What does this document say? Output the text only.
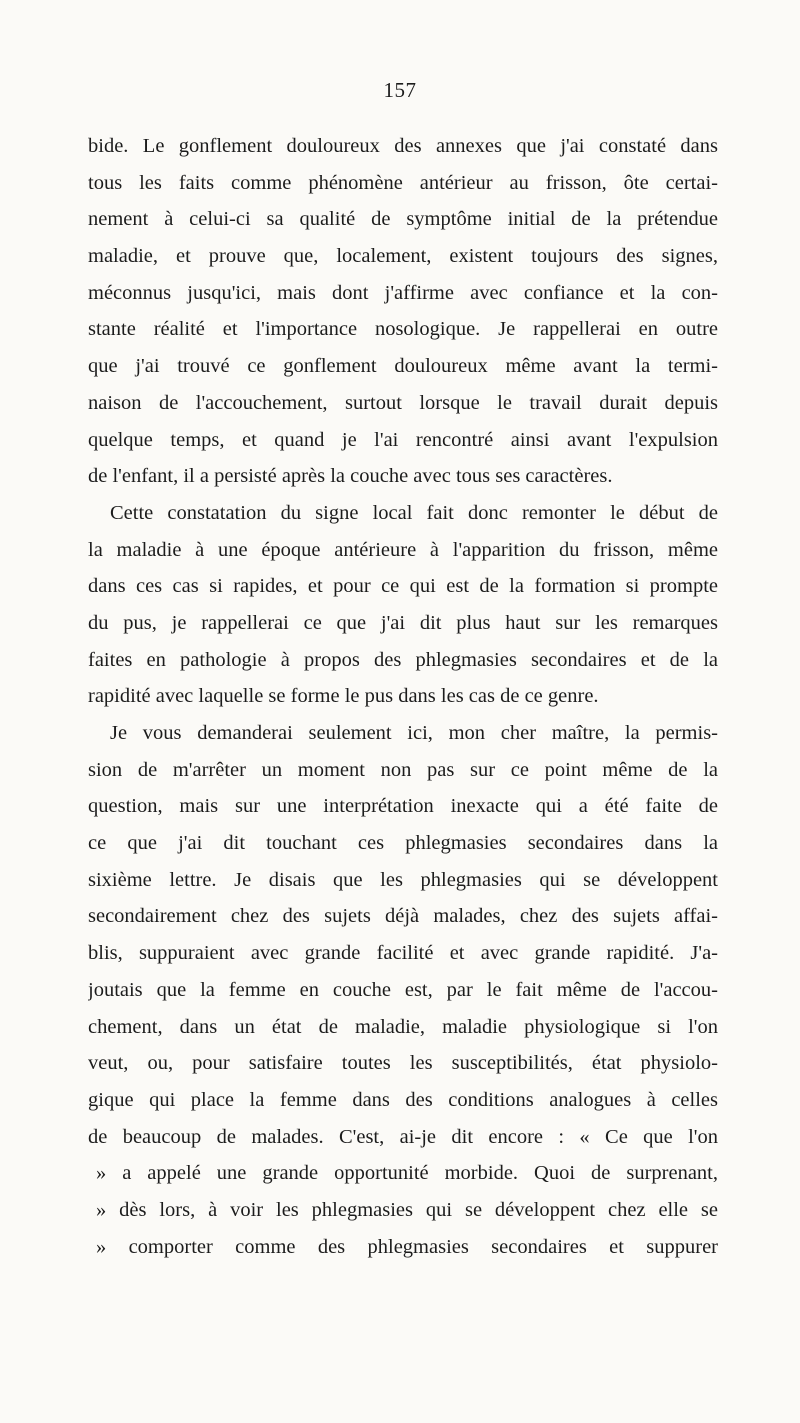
157
bide. Le gonflement douloureux des annexes que j'ai constaté dans
tous les faits comme phénomène antérieur au frisson, ôte certai-
nement à celui-ci sa qualité de symptôme initial de la prétendue
maladie, et prouve que, localement, existent toujours des signes,
méconnus jusqu'ici, mais dont j'affirme avec confiance et la con-
stante réalité et l'importance nosologique. Je rappellerai en outre
que j'ai trouvé ce gonflement douloureux même avant la termi-
naison de l'accouchement, surtout lorsque le travail durait depuis
quelque temps, et quand je l'ai rencontré ainsi avant l'expulsion
de l'enfant, il a persisté après la couche avec tous ses caractères.
Cette constatation du signe local fait donc remonter le début de
la maladie à une époque antérieure à l'apparition du frisson, même
dans ces cas si rapides, et pour ce qui est de la formation si prompte
du pus, je rappellerai ce que j'ai dit plus haut sur les remarques
faites en pathologie à propos des phlegmasies secondaires et de la
rapidité avec laquelle se forme le pus dans les cas de ce genre.
Je vous demanderai seulement ici, mon cher maître, la permis-
sion de m'arrêter un moment non pas sur ce point même de la
question, mais sur une interprétation inexacte qui a été faite de
ce que j'ai dit touchant ces phlegmasies secondaires dans la
sixième lettre. Je disais que les phlegmasies qui se développent
secondairement chez des sujets déjà malades, chez des sujets affai-
blis, suppuraient avec grande facilité et avec grande rapidité. J'a-
joutais que la femme en couche est, par le fait même de l'accou-
chement, dans un état de maladie, maladie physiologique si l'on
veut, ou, pour satisfaire toutes les susceptibilités, état physiolo-
gique qui place la femme dans des conditions analogues à celles
de beaucoup de malades. C'est, ai-je dit encore : « Ce que l'on
» a appelé une grande opportunité morbide. Quoi de surprenant,
» dès lors, à voir les phlegmasies qui se développent chez elle se
» comporter comme des phlegmasies secondaires et suppurer
